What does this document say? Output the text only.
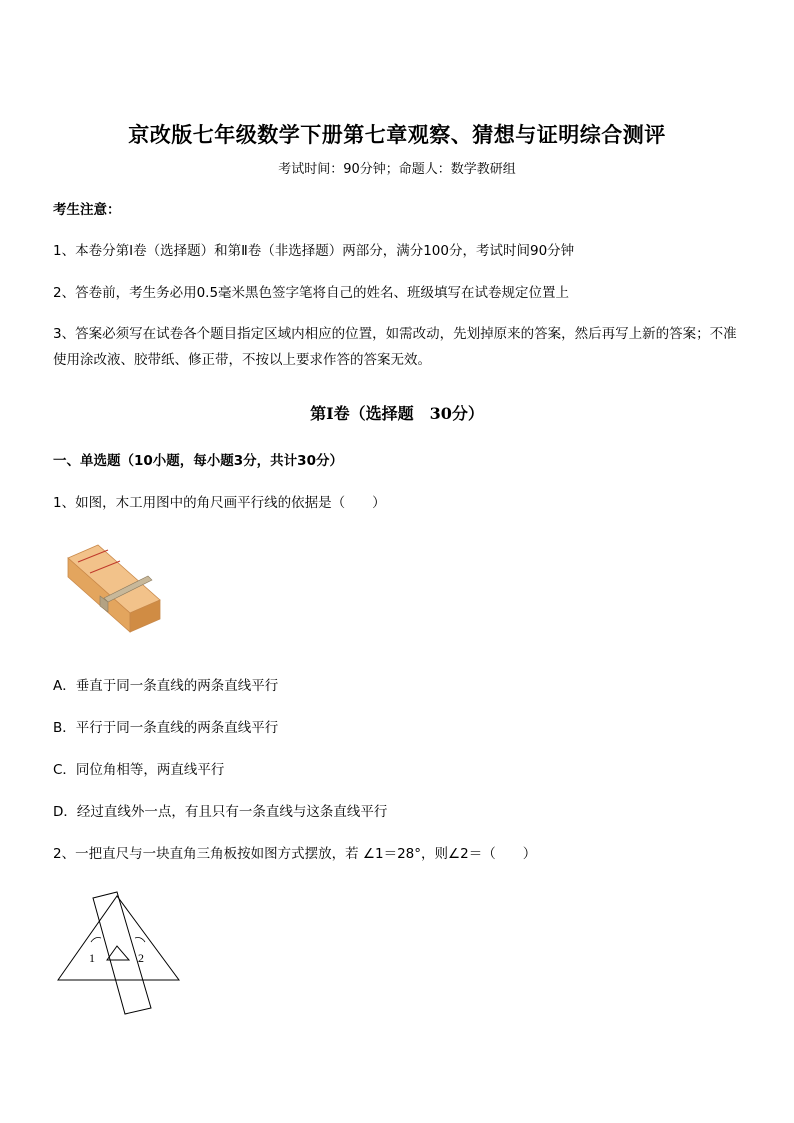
京改版七年级数学下册第七章观察、猜想与证明综合测评
考试时间：90分钟；命题人：数学教研组
考生注意：
1、本卷分第Ⅰ卷（选择题）和第Ⅱ卷（非选择题）两部分，满分100分，考试时间90分钟
2、答卷前，考生务必用0.5毫米黑色签字笔将自己的姓名、班级填写在试卷规定位置上
3、答案必须写在试卷各个题目指定区域内相应的位置，如需改动，先划掉原来的答案，然后再写上新的答案；不准使用涂改液、胶带纸、修正带，不按以上要求作答的答案无效。
第Ⅰ卷（选择题　30分）
一、单选题（10小题，每小题3分，共计30分）
1、如图，木工用图中的角尺画平行线的依据是（　　）
A．垂直于同一条直线的两条直线平行
B．平行于同一条直线的两条直线平行
C．同位角相等，两直线平行
D．经过直线外一点，有且只有一条直线与这条直线平行
2、一把直尺与一块直角三角板按如图方式摆放，若 ∠1＝28°，则∠2＝（　　）
1	2
